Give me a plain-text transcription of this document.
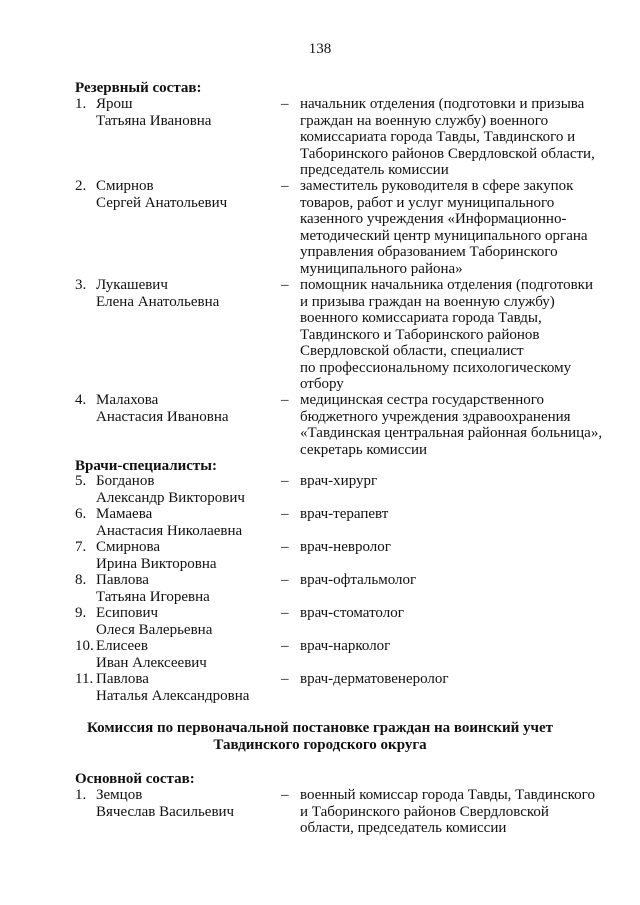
138
Резервный состав:
1. Ярош
Татьяна Ивановна
– начальник отделения (подготовки и призыва
граждан на военную службу) военного
комиссариата города Тавды, Тавдинского и
Таборинского районов Свердловской области,
председатель комиссии
2. Смирнов
Сергей Анатольевич
– заместитель руководителя в сфере закупок
товаров, работ и услуг муниципального
казенного учреждения «Информационно-
методический центр муниципального органа
управления образованием Таборинского
муниципального района»
3. Лукашевич
Елена Анатольевна
– помощник начальника отделения (подготовки
и призыва граждан на военную службу)
военного комиссариата города Тавды,
Тавдинского и Таборинского районов
Свердловской области, специалист
по профессиональному психологическому
отбору
4. Малахова
Анастасия Ивановна
– медицинская сестра государственного
бюджетного учреждения здравоохранения
«Тавдинская центральная районная больница»,
секретарь комиссии
Врачи-специалисты:
5. Богданов
Александр Викторович
– врач-хирург
6. Мамаева
Анастасия Николаевна
– врач-терапевт
7. Смирнова
Ирина Викторовна
– врач-невролог
8. Павлова
Татьяна Игоревна
– врач-офтальмолог
9. Есипович
Олеся Валерьевна
– врач-стоматолог
10. Елисеев
Иван Алексеевич
– врач-нарколог
11. Павлова
Наталья Александровна
– врач-дерматовенеролог
Комиссия по первоначальной постановке граждан на воинский учет
Тавдинского городского округа
Основной состав:
1. Земцов
Вячеслав Васильевич
– военный комиссар города Тавды, Тавдинского
и Таборинского районов Свердловской
области, председатель комиссии
